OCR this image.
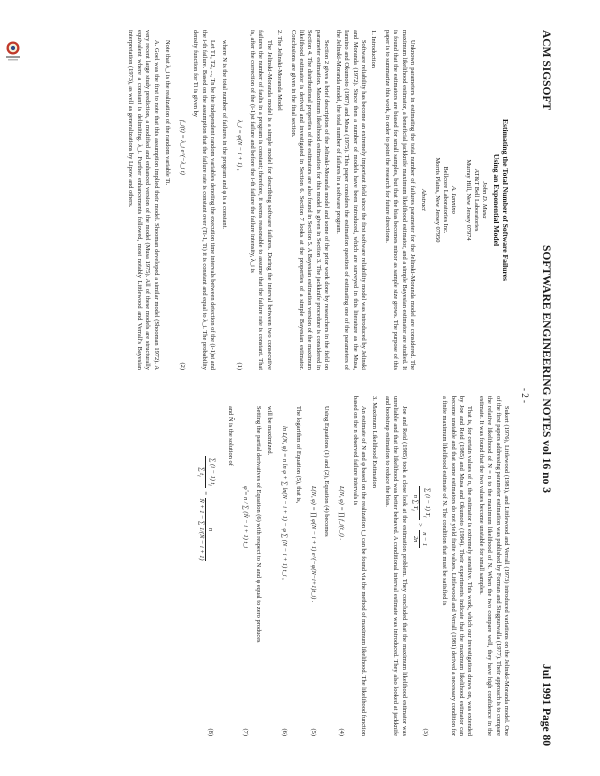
ACM SIGSOFT
SOFTWARE ENGINEERING NOTES vol 16 no 3
Jul 1991 Page 80
- 2 -
Estimating the Total Number of Software Failures
Using an Exponential Model
John D. Musa
AT&T Bell Laboratories
Murray Hill, New Jersey 07974
A. Iannino
Bellcore Laboratories Inc.
Morris Plains, New Jersey 07950
Abstract

Unknown parameters in estimating the total number of failures parameter for the Jelinski-Moranda model are considered. The maximum likelihood estimator, a beneficial jackknife maximum likelihood estimator, and a simple Bayesian estimator are studied. It is found that the estimators are biased for small samples, but that the bias becomes minor as sample size grows. The purpose of this paper is to summarize this work, in order to point the research for future directions.

1. Introduction

Software reliability has become an extremely important field since the first software reliability model was introduced by Jelinski and Moranda (1972). Since then a number of models have been introduced, which are surveyed in this literature as the Musa, Iannino and Okumoto (1987) and Musa (1975). This paper considers the estimation question of estimating one of the parameters of the Jelinski-Moranda model, the total number of failures in a software program.

Section 2 gives a brief description of the Jelinski-Moranda model and some of the prior work done by researchers in the field on parameter estimation. Maximum likelihood estimation for this model is given in Section 3. The jackknife procedure is considered in Section 4. The distributional properties of the estimators are also found in Section 5. A Bayesian estimation version of the maximum likelihood estimator is derived and investigated in Section 6. Section 7 looks at the properties of a simple Bayesian estimator. Conclusions are given in the final section.

2. The Jelinski-Moranda Model

The Jelinski-Moranda model is a simple model for describing software failures. During the interval between two consecutive failures the number of faults in a program is constant; therefore, it seems reasonable to assume that the failure rate is constant. That is, after the correction of the (i-1)st failure and before the i-th failure the failure intensity, λ_i is

λ_i = φ(N − i + 1) ,
(1)

where N is the total number of failures in the program and φ is a constant.

Let T1, T2, ..., Tn be the independent random variables denoting the execution time intervals between detection of the (i-1)st and the i-th failure. Based on the assumption that the failure rate is constant over (Ti-1, Ti) it is constant and equal to λ_i. The probability density function for Ti is given by

f_i(t) = λ_i e^(−λ_i t)
(2)

Note that λ_i is the realization of the random variable Ti.

A. Goel was the first to note that this assumption implied their model. Shooman developed a similar model (Shooman 1972). A very recent large study prediction, a modified and enhanced version of the model (Musa 1975). All of these models are structurally equivalent where a constant is delimiting. λ_i. Further enhancements followed, most notably Littlewood and Verrall's Bayesian interpretation (1973), as well as generalizations by Lipow and others.

Sukert (1976), Littlewood (1981), and Littlewood and Verrall (1973) introduced variations on the Jelinski-Moranda model. One of the first papers addressing parameter estimation was published by Forman and Singpurwalla (1977). Their approach is to compare the relative likelihood of N = n to the maximum likelihood of N. When the two compare well, they have high confidence in the estimate. It was found that the two values become unstable for small samples.

That is, for certain values of n, the estimator is extremely sensitive. This work, which our investigation draws on, was extended by Joe and Reid (1985) and Musa and Okumoto (1984). Their experiments indicate that the maximum likelihood estimator can become unstable and that some estimators do not yield finite values. Littlewood and Verrall (1981) derived a necessary condition for a finite maximum likelihood estimate of N. The condition that must be satisfied is

∑ (i − 1) $T_i$
n ∑ $T_i$
>
n − 1
2n
(3)

Joe and Reid (1985) took a close look at the estimation problem. They concluded that the maximum likelihood estimator was unreliable and that the likelihood was better behaved. A conditional interval estimate was introduced. They also looked at jackknife and bootstrap estimation to reduce the bias.

3. Maximum Likelihood Estimation

An estimate of N and φ based on the realization t_i can be found via the method of maximum likelihood. The likelihood function based on the n observed failure intervals is

L(N, φ) = ∏ f_i(t_i) .
(4)

Using Equations (1) and (2), Equation (4) becomes

L(N, φ) = ∏ φ(N − i + 1) e^(−φ(N−i+1)t_i) .
(5)

The logarithm of Equation (5), that is,

ln L(N, φ) = n ln φ + ∑ ln(N − i + 1) − φ ∑ (N − i + 1) t_i ,
(6)

will be maximized.

Setting the partial derivatives of Equation (6) with respect to N and φ equal to zero produces

φ̂ = n / ∑ (N̂ − i + 1) t_i
(7)

and N̂ is the solution of

∑ (i − 1) $t_i$
∑ $t_i$
=
n
N̂ + 1 − ∑ 1/(N̂ − i + 1)
(8)
